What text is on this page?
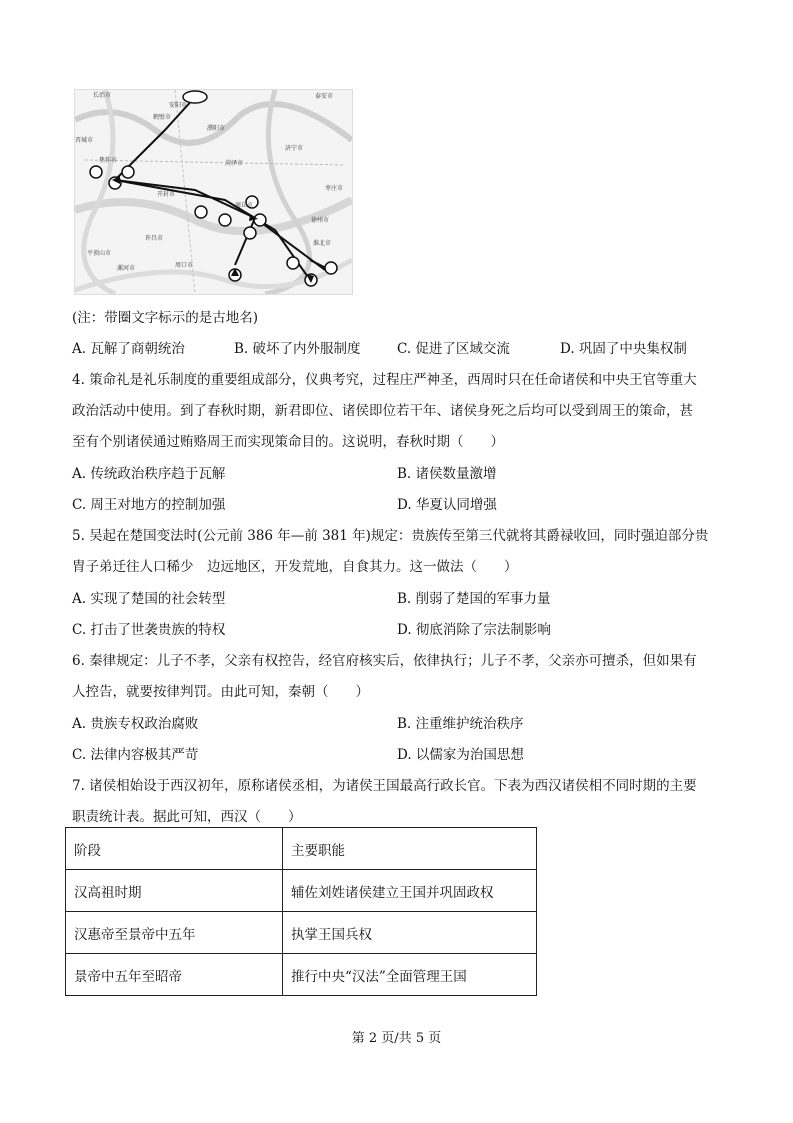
长治市
安阳市
鹤壁市
濮阳市
泰安市
济宁市
晋城市
焦作市	菏泽市
枣庄市
开封市
商丘市
徐州市
许昌市
淮北市
平顶山市
漯河市	周口市
(注：带圈文字标示的是古地名)
A. 瓦解了商朝统治	B. 破坏了内外服制度	C. 促进了区域交流	D. 巩固了中央集权制
4. 策命礼是礼乐制度的重要组成部分，仪典考究，过程庄严神圣，西周时只在任命诸侯和中央王官等重大
政治活动中使用。到了春秋时期，新君即位、诸侯即位若干年、诸侯身死之后均可以受到周王的策命，甚
至有个别诸侯通过贿赂周王而实现策命目的。这说明，春秋时期（　　）
A. 传统政治秩序趋于瓦解	B. 诸侯数量激增
C. 周王对地方的控制加强	D. 华夏认同增强
5. 吴起在楚国变法时(公元前 386 年—前 381 年)规定：贵族传至第三代就将其爵禄收回，同时强迫部分贵
胄子弟迁往人口稀少　边远地区，开发荒地，自食其力。这一做法（　　）
A. 实现了楚国的社会转型	B. 削弱了楚国的军事力量
C. 打击了世袭贵族的特权	D. 彻底消除了宗法制影响
6. 秦律规定：儿子不孝，父亲有权控告，经官府核实后，依律执行；儿子不孝，父亲亦可擅杀，但如果有
人控告，就要按律判罚。由此可知，秦朝（　　）
A. 贵族专权政治腐败	B. 注重维护统治秩序
C. 法律内容极其严苛	D. 以儒家为治国思想
7. 诸侯相始设于西汉初年，原称诸侯丞相，为诸侯王国最高行政长官。下表为西汉诸侯相不同时期的主要
职责统计表。据此可知，西汉（　　）
阶段	主要职能
汉高祖时期	辅佐刘姓诸侯建立王国并巩固政权
汉惠帝至景帝中五年	执掌王国兵权
景帝中五年至昭帝	推行中央“汉法”全面管理王国
第 2 页/共 5 页
